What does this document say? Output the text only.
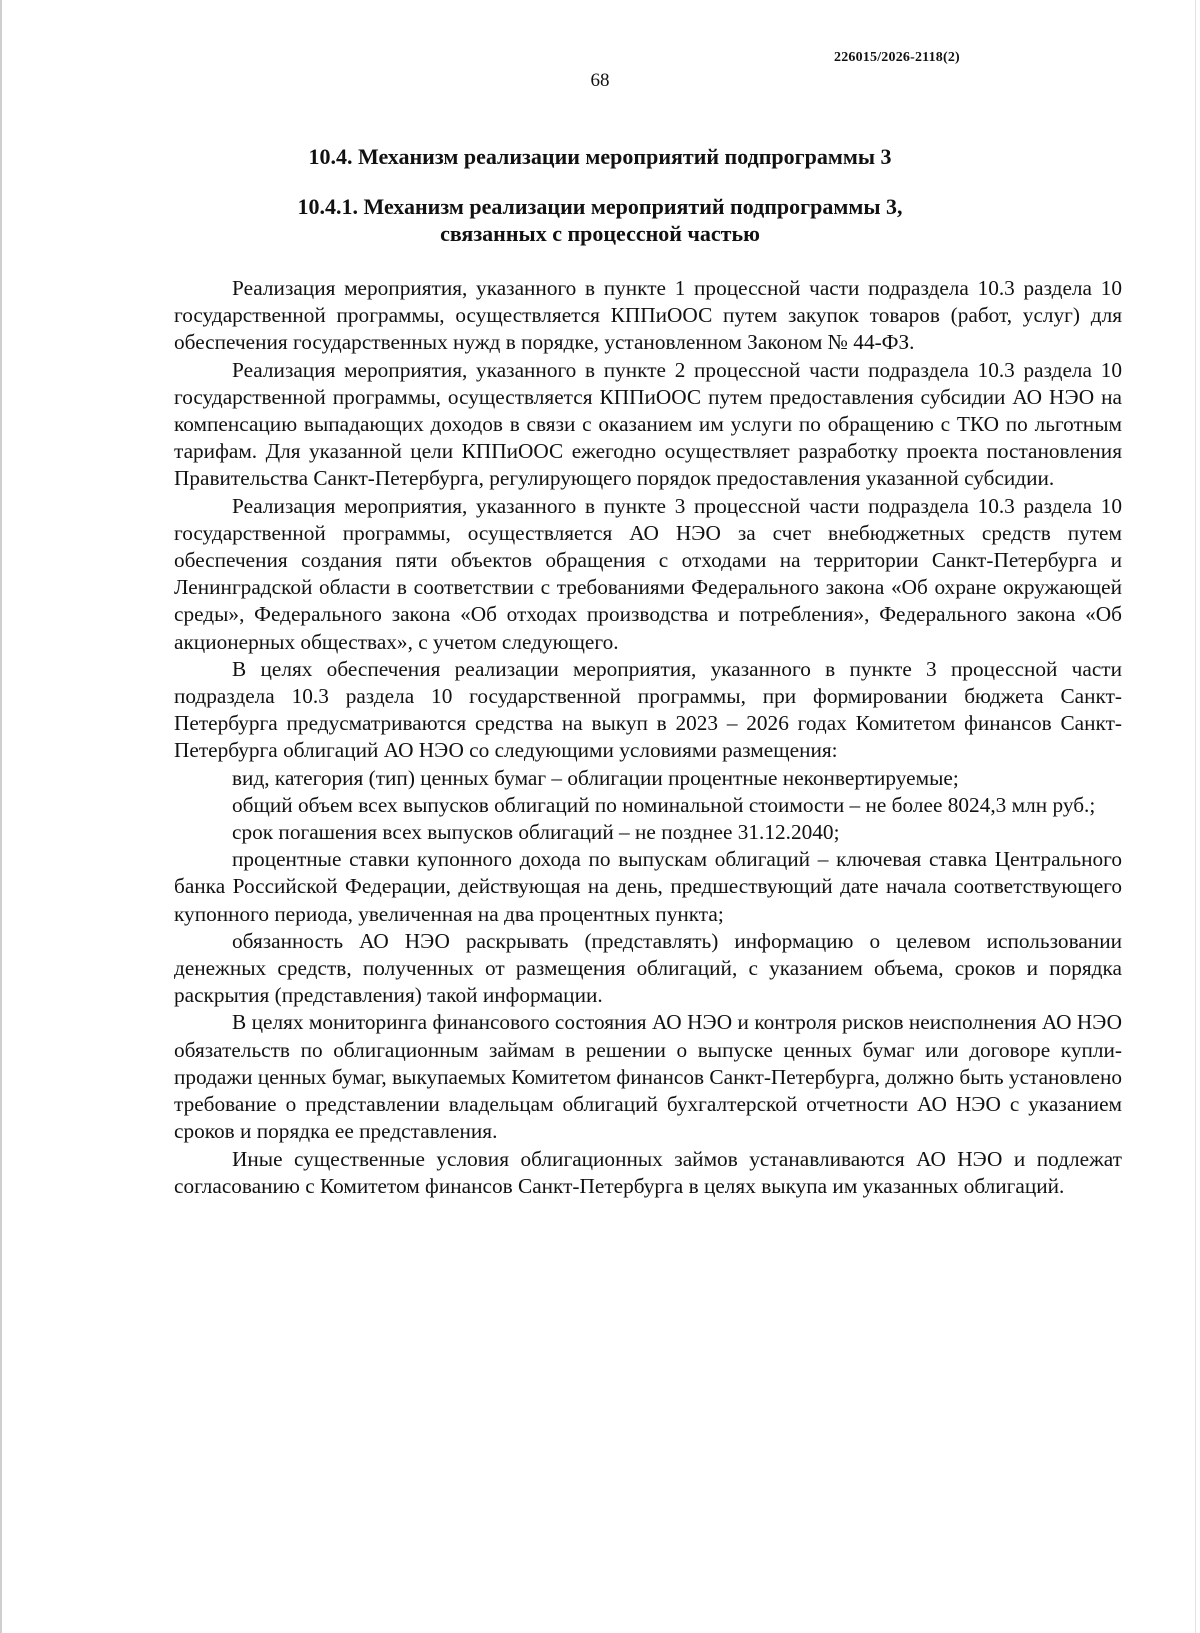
226015/2026-2118(2)
68
10.4. Механизм реализации мероприятий подпрограммы 3
10.4.1. Механизм реализации мероприятий подпрограммы 3,
связанных с процессной частью

Реализация мероприятия, указанного в пункте 1 процессной части подраздела 10.3 раздела 10 государственной программы, осуществляется КППиООС путем закупок товаров (работ, услуг) для обеспечения государственных нужд в порядке, установленном Законом № 44-ФЗ.

Реализация мероприятия, указанного в пункте 2 процессной части подраздела 10.3 раздела 10 государственной программы, осуществляется КППиООС путем предоставления субсидии АО НЭО на компенсацию выпадающих доходов в связи с оказанием им услуги по обращению с ТКО по льготным тарифам. Для указанной цели КППиООС ежегодно осуществляет разработку проекта постановления Правительства Санкт-Петербурга, регулирующего порядок предоставления указанной субсидии.

Реализация мероприятия, указанного в пункте 3 процессной части подраздела 10.3 раздела 10 государственной программы, осуществляется АО НЭО за счет внебюджетных средств путем обеспечения создания пяти объектов обращения с отходами на территории Санкт-Петербурга и Ленинградской области в соответствии с требованиями Федерального закона «Об охране окружающей среды», Федерального закона «Об отходах производства и потребления», Федерального закона «Об акционерных обществах», с учетом следующего.

В целях обеспечения реализации мероприятия, указанного в пункте 3 процессной части подраздела 10.3 раздела 10 государственной программы, при формировании бюджета Санкт-Петербурга предусматриваются средства на выкуп в 2023 – 2026 годах Комитетом финансов Санкт-Петербурга облигаций АО НЭО со следующими условиями размещения:

вид, категория (тип) ценных бумаг – облигации процентные неконвертируемые;

общий объем всех выпусков облигаций по номинальной стоимости – не более 8024,3 млн руб.;

срок погашения всех выпусков облигаций – не позднее 31.12.2040;

процентные ставки купонного дохода по выпускам облигаций – ключевая ставка Центрального банка Российской Федерации, действующая на день, предшествующий дате начала соответствующего купонного периода, увеличенная на два процентных пункта;

обязанность АО НЭО раскрывать (представлять) информацию о целевом использовании денежных средств, полученных от размещения облигаций, с указанием объема, сроков и порядка раскрытия (представления) такой информации.

В целях мониторинга финансового состояния АО НЭО и контроля рисков неисполнения АО НЭО обязательств по облигационным займам в решении о выпуске ценных бумаг или договоре купли-продажи ценных бумаг, выкупаемых Комитетом финансов Санкт-Петербурга, должно быть установлено требование о представлении владельцам облигаций бухгалтерской отчетности АО НЭО с указанием сроков и порядка ее представления.

Иные существенные условия облигационных займов устанавливаются АО НЭО и подлежат согласованию с Комитетом финансов Санкт-Петербурга в целях выкупа им указанных облигаций.
